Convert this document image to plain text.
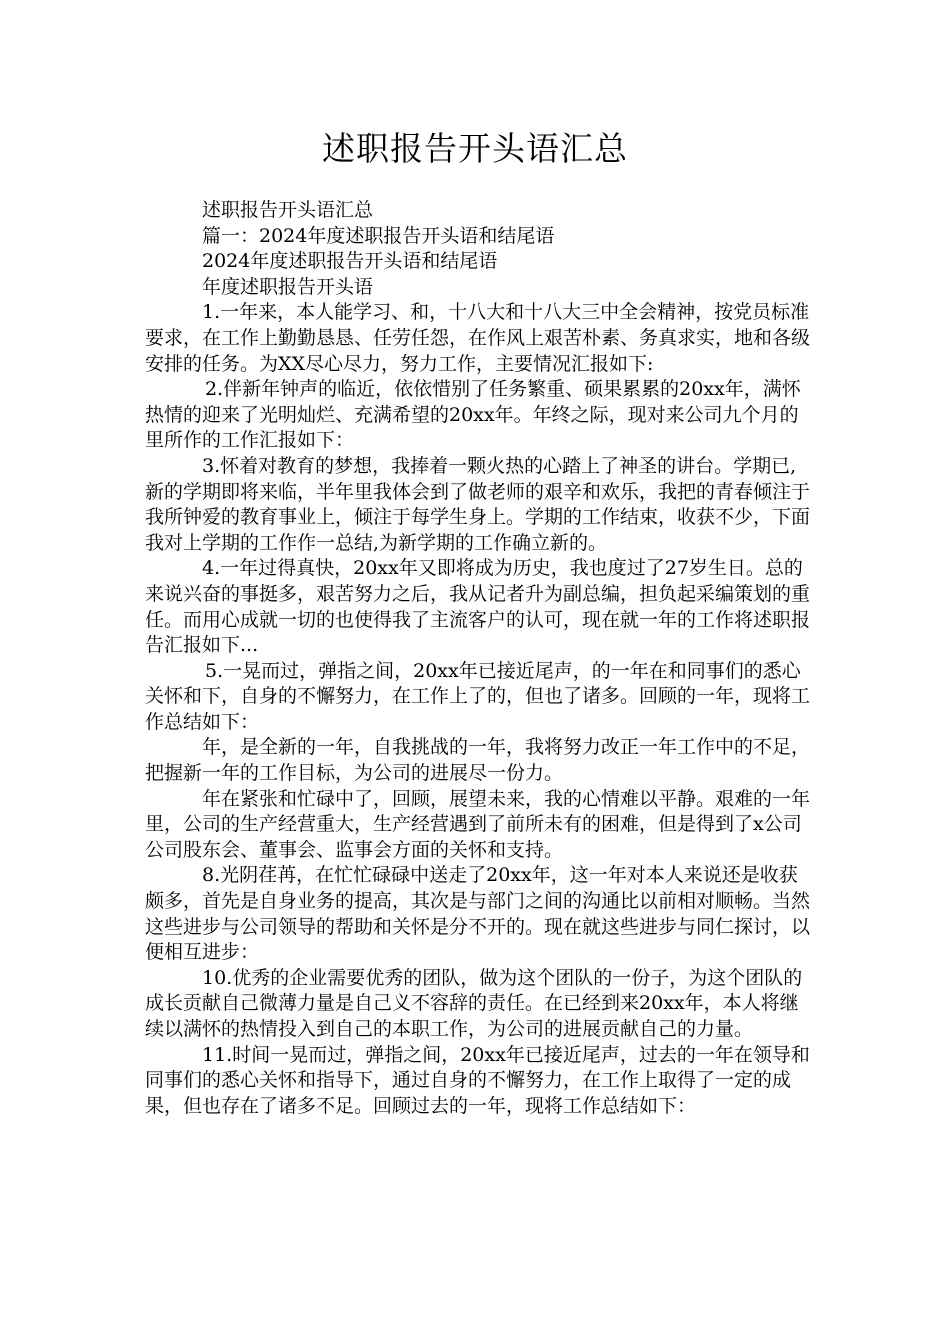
述职报告开头语汇总

述职报告开头语汇总

篇一：2024年度述职报告开头语和结尾语

2024年度述职报告开头语和结尾语

年度述职报告开头语

1.一年来，本人能学习、和，十八大和十八大三中全会精神，按党员标准要求，在工作上勤勤恳恳、任劳任怨，在作风上艰苦朴素、务真求实，地和各级安排的任务。为XX尽心尽力，努力工作，主要情况汇报如下:

2.伴新年钟声的临近，依依惜别了任务繁重、硕果累累的20xx年，满怀热情的迎来了光明灿烂、充满希望的20xx年。年终之际，现对来公司九个月的里所作的工作汇报如下：

3.怀着对教育的梦想，我捧着一颗火热的心踏上了神圣的讲台。学期已,新的学期即将来临，半年里我体会到了做老师的艰辛和欢乐，我把的青春倾注于我所钟爱的教育事业上，倾注于每学生身上。学期的工作结束，收获不少，下面我对上学期的工作作一总结,为新学期的工作确立新的。

4.一年过得真快，20xx年又即将成为历史，我也度过了27岁生日。总的来说兴奋的事挺多，艰苦努力之后，我从记者升为副总编，担负起采编策划的重任。而用心成就一切的也使得我了主流客户的认可，现在就一年的工作将述职报告汇报如下...

5.一晃而过，弹指之间，20xx年已接近尾声，的一年在和同事们的悉心关怀和下，自身的不懈努力，在工作上了的，但也了诸多。回顾的一年，现将工作总结如下：

年，是全新的一年，自我挑战的一年，我将努力改正一年工作中的不足，把握新一年的工作目标，为公司的进展尽一份力。

年在紧张和忙碌中了，回顾，展望未来，我的心情难以平静。艰难的一年里，公司的生产经营重大，生产经营遇到了前所未有的困难，但是得到了x公司公司股东会、董事会、监事会方面的关怀和支持。

8.光阴荏苒，在忙忙碌碌中送走了20xx年，这一年对本人来说还是收获颇多，首先是自身业务的提高，其次是与部门之间的沟通比以前相对顺畅。当然这些进步与公司领导的帮助和关怀是分不开的。现在就这些进步与同仁探讨，以便相互进步：

10.优秀的企业需要优秀的团队，做为这个团队的一份子，为这个团队的成长贡献自己微薄力量是自己义不容辞的责任。在已经到来20xx年，本人将继续以满怀的热情投入到自己的本职工作，为公司的进展贡献自己的力量。

11.时间一晃而过，弹指之间，20xx年已接近尾声，过去的一年在领导和同事们的悉心关怀和指导下，通过自身的不懈努力，在工作上取得了一定的成果，但也存在了诸多不足。回顾过去的一年，现将工作总结如下：
